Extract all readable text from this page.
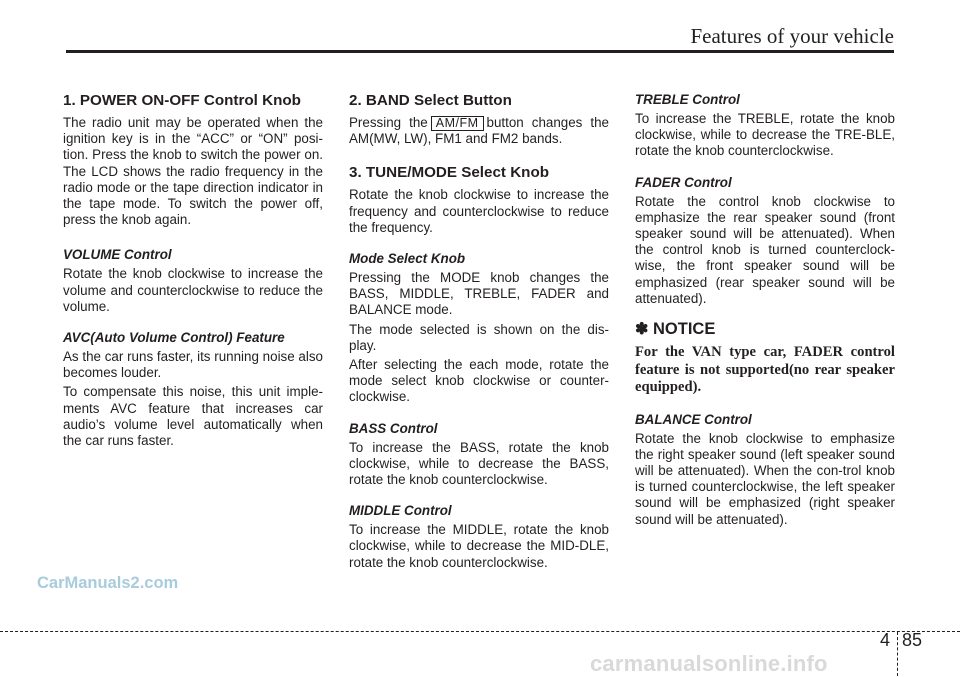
Features of your vehicle
1. POWER ON-OFF Control Knob

The radio unit may be operated when the ignition key is in the “ACC” or “ON” posi-tion. Press the knob to switch the power on. The LCD shows the radio frequency in the radio mode or the tape direction indicator in the tape mode. To switch the power off, press the knob again.

VOLUME Control

Rotate the knob clockwise to increase the volume and counterclockwise to reduce the volume.

AVC(Auto Volume Control) Feature

As the car runs faster, its running noise also becomes louder.

To compensate this noise, this unit imple-ments AVC feature that increases car audio’s volume level automatically when the car runs faster.

2. BAND Select Button

Pressing the AM/FM button changes the AM(MW, LW), FM1 and FM2 bands.

3. TUNE/MODE Select Knob

Rotate the knob clockwise to increase the frequency and counterclockwise to reduce the frequency.

Mode Select Knob

Pressing the MODE knob changes the BASS, MIDDLE, TREBLE, FADER and BALANCE mode.

The mode selected is shown on the dis-play.

After selecting the each mode, rotate the mode select knob clockwise or counter-clockwise.

BASS Control

To increase the BASS, rotate the knob clockwise, while to decrease the BASS, rotate the knob counterclockwise.

MIDDLE Control

To increase the MIDDLE, rotate the knob clockwise, while to decrease the MID-DLE, rotate the knob counterclockwise.

TREBLE Control

To increase the TREBLE, rotate the knob clockwise, while to decrease the TRE-BLE, rotate the knob counterclockwise.

FADER Control

Rotate the control knob clockwise to emphasize the rear speaker sound (front speaker sound will be attenuated). When the control knob is turned counterclock-wise, the front speaker sound will be emphasized (rear speaker sound will be attenuated).

✽ NOTICE

For the VAN type car, FADER control feature is not supported(no rear speaker equipped).

BALANCE Control

Rotate the knob clockwise to emphasize the right speaker sound (left speaker sound will be attenuated). When the con-trol knob is turned counterclockwise, the left speaker sound will be emphasized (right speaker sound will be attenuated).

CarManuals2.com
4 85
carmanualsonline.info
